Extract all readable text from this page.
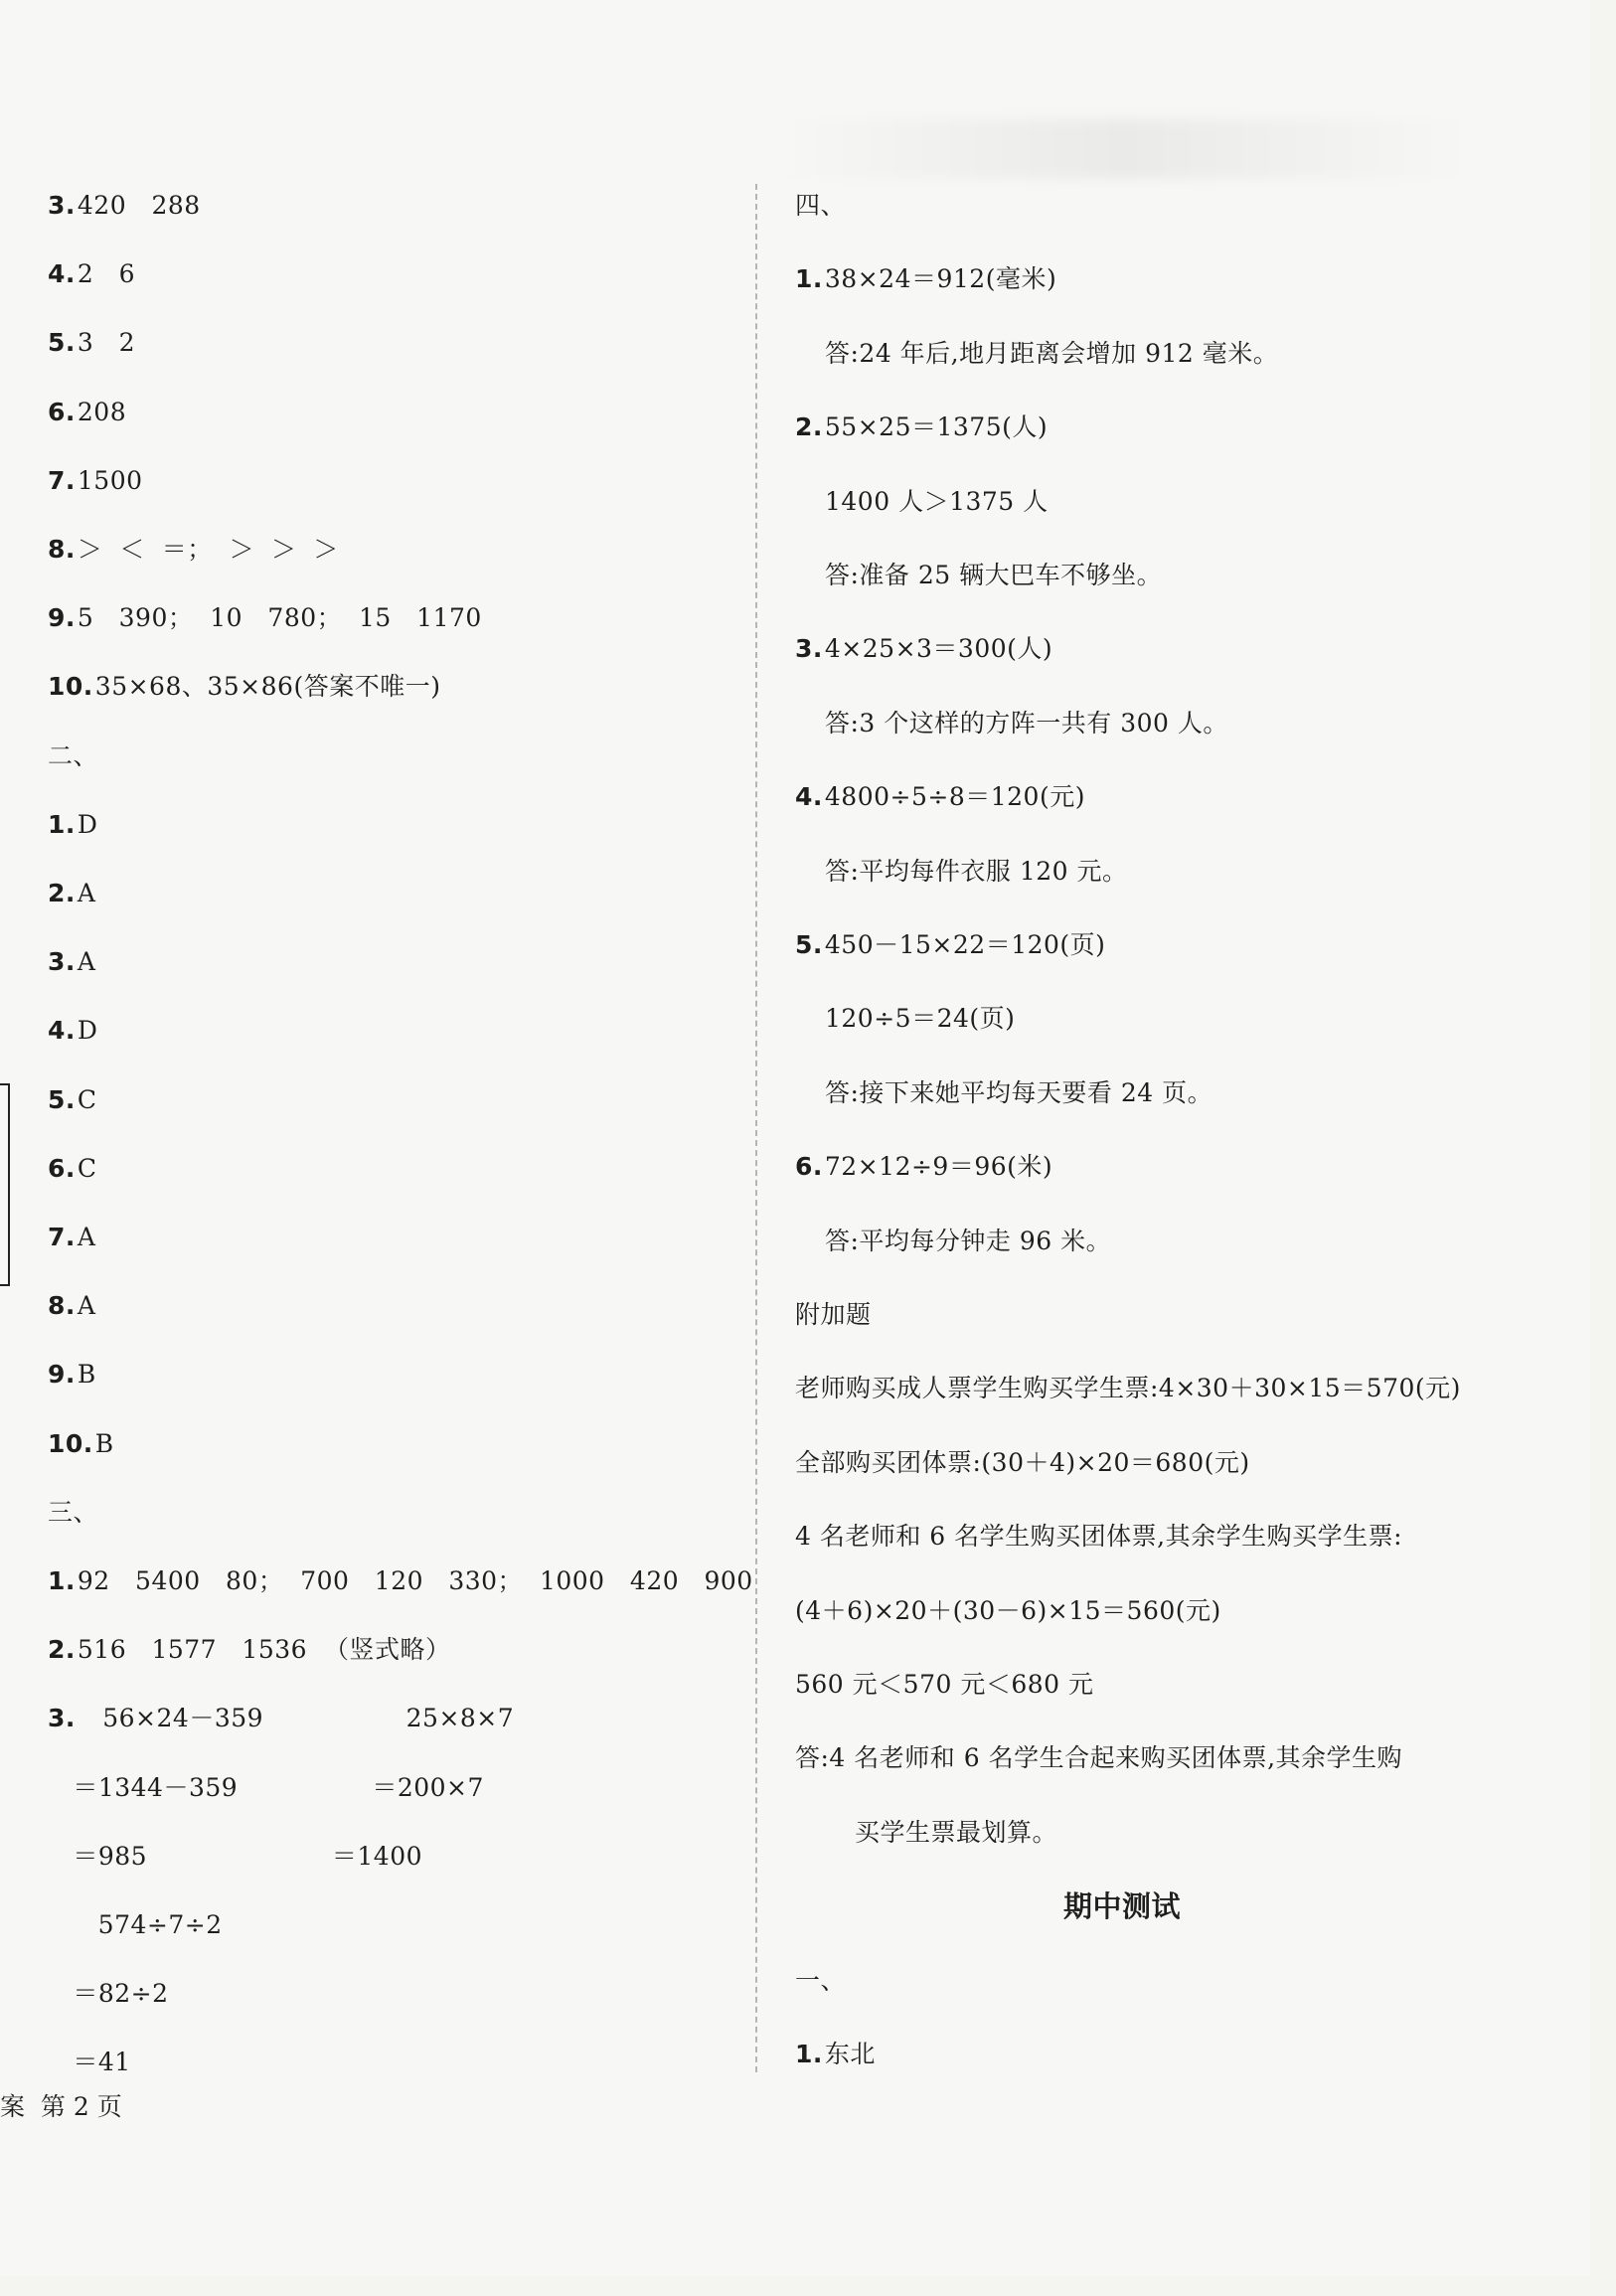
3.420   288
4.2   6
5.3   2
6.208
7.1500
8.＞  ＜  ＝；  ＞  ＞  ＞
9.5   390；  10   780；  15   1170
10.35×68、35×86(答案不唯一)
二、
1.D
2.A
3.A
4.D
5.C
6.C
7.A
8.A
9.B
10.B
三、
1.92   5400   80；  700   120   330；  1000   420   900
2.516   1577   1536  （竖式略）
3.   56×24－359                 25×8×7
＝1344－359                ＝200×7
＝985                      ＝1400
574÷7÷2
＝82÷2
＝41
四、
1.38×24＝912(毫米)
答:24 年后,地月距离会增加 912 毫米。
2.55×25＝1375(人)
1400 人＞1375 人
答:准备 25 辆大巴车不够坐。
3.4×25×3＝300(人)
答:3 个这样的方阵一共有 300 人。
4.4800÷5÷8＝120(元)
答:平均每件衣服 120 元。
5.450－15×22＝120(页)
120÷5＝24(页)
答:接下来她平均每天要看 24 页。
6.72×12÷9＝96(米)
答:平均每分钟走 96 米。
附加题
老师购买成人票学生购买学生票:4×30＋30×15＝570(元)
全部购买团体票:(30＋4)×20＝680(元)
4 名老师和 6 名学生购买团体票,其余学生购买学生票:
(4＋6)×20＋(30－6)×15＝560(元)
560 元＜570 元＜680 元
答:4 名老师和 6 名学生合起来购买团体票,其余学生购
买学生票最划算。
期中测试
一、
1.东北
案  第 2 页
